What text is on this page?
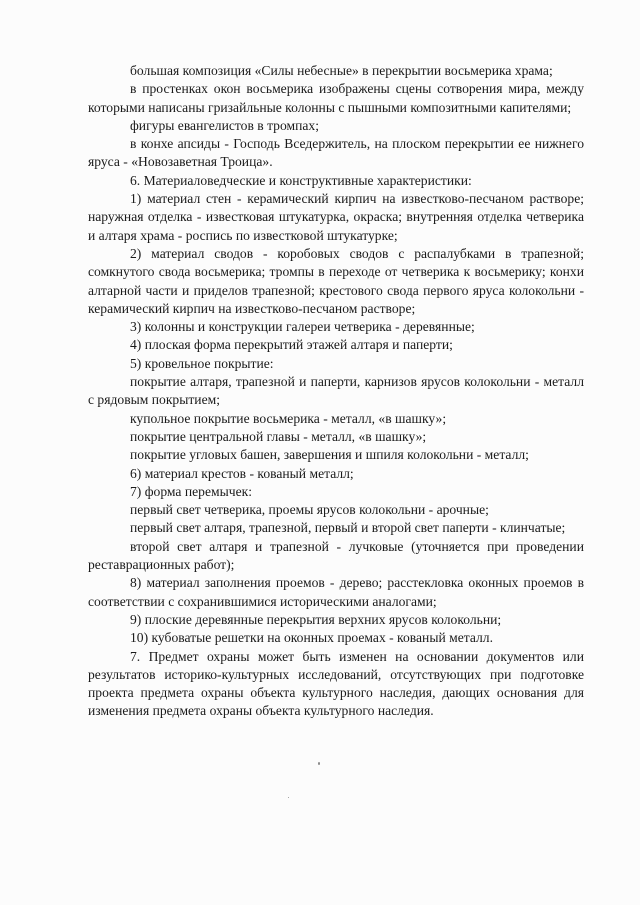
большая композиция «Силы небесные» в перекрытии восьмерика храма;

в простенках окон восьмерика изображены сцены сотворения мира, между которыми написаны гризайльные колонны с пышными композитными капителями;

фигуры евангелистов в тромпах;

в конхе апсиды - Господь Вседержитель, на плоском перекрытии ее нижнего яруса - «Новозаветная Троица».

6. Материаловедческие и конструктивные характеристики:

1) материал стен - керамический кирпич на известково-песчаном растворе; наружная отделка - известковая штукатурка, окраска; внутренняя отделка четверика и алтаря храма - роспись по известковой штукатурке;

2) материал сводов - коробовых сводов с распалубками в трапезной; сомкнутого свода восьмерика; тромпы в переходе от четверика к восьмерику; конхи алтарной части и приделов трапезной; крестового свода первого яруса колокольни - керамический кирпич на известково-песчаном растворе;

3) колонны и конструкции галереи четверика - деревянные;

4) плоская форма перекрытий этажей алтаря и паперти;

5) кровельное покрытие:

покрытие алтаря, трапезной и паперти, карнизов ярусов колокольни - металл с рядовым покрытием;

купольное покрытие восьмерика - металл, «в шашку»;

покрытие центральной главы - металл, «в шашку»;

покрытие угловых башен, завершения и шпиля колокольни - металл;

6) материал крестов - кованый металл;

7) форма перемычек:

первый свет четверика, проемы ярусов колокольни - арочные;

первый свет алтаря, трапезной, первый и второй свет паперти - клинчатые;

второй свет алтаря и трапезной - лучковые (уточняется при проведении реставрационных работ);

8) материал заполнения проемов - дерево; расстекловка оконных проемов в соответствии с сохранившимися историческими аналогами;

9) плоские деревянные перекрытия верхних ярусов колокольни;

10) кубоватые решетки на оконных проемах - кованый металл.

7. Предмет охраны может быть изменен на основании документов или результатов историко-культурных исследований, отсутствующих при подготовке проекта предмета охраны объекта культурного наследия, дающих основания для изменения предмета охраны объекта культурного наследия.
